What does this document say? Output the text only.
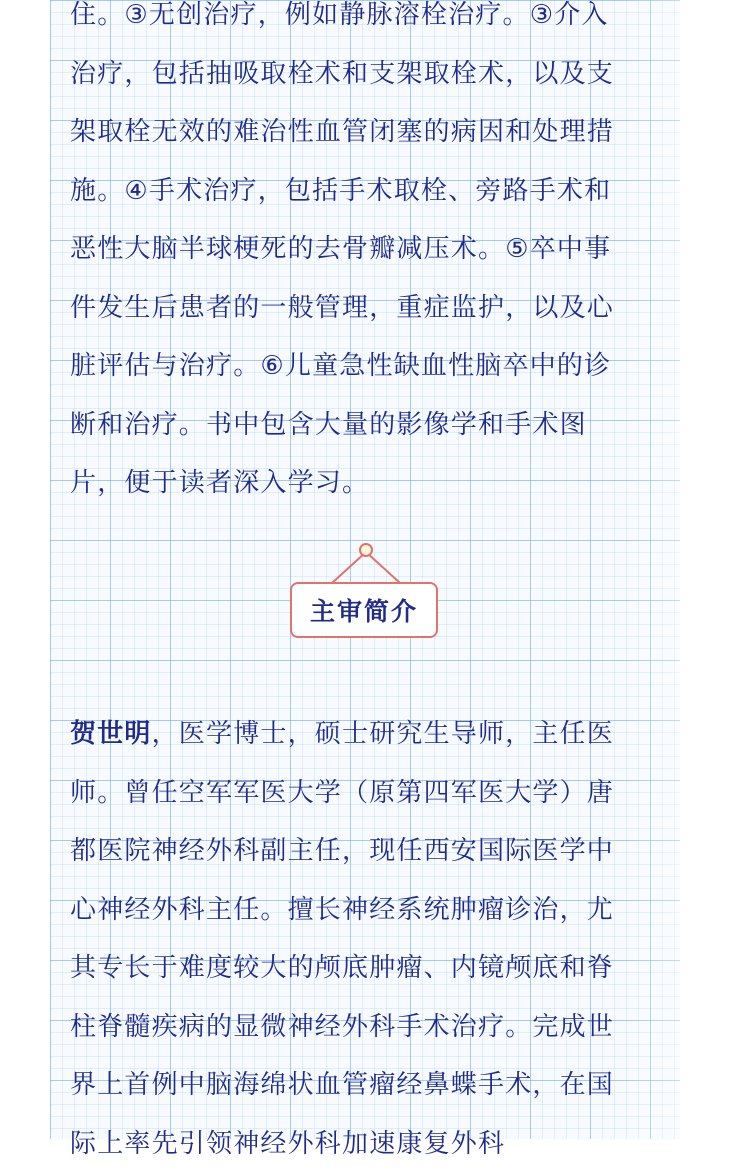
住。③无创治疗，例如静脉溶栓治疗。③介入
治疗，包括抽吸取栓术和支架取栓术，以及支
架取栓无效的难治性血管闭塞的病因和处理措
施。④手术治疗，包括手术取栓、旁路手术和
恶性大脑半球梗死的去骨瓣减压术。⑤卒中事
件发生后患者的一般管理，重症监护，以及心
脏评估与治疗。⑥儿童急性缺血性脑卒中的诊
断和治疗。书中包含大量的影像学和手术图
片，便于读者深入学习。
主审简介
贺世明，医学博士，硕士研究生导师，主任医
师。曾任空军军医大学（原第四军医大学）唐
都医院神经外科副主任，现任西安国际医学中
心神经外科主任。擅长神经系统肿瘤诊治，尤
其专长于难度较大的颅底肿瘤、内镜颅底和脊
柱脊髓疾病的显微神经外科手术治疗。完成世
界上首例中脑海绵状血管瘤经鼻蝶手术，在国
际上率先引领神经外科加速康复外科
